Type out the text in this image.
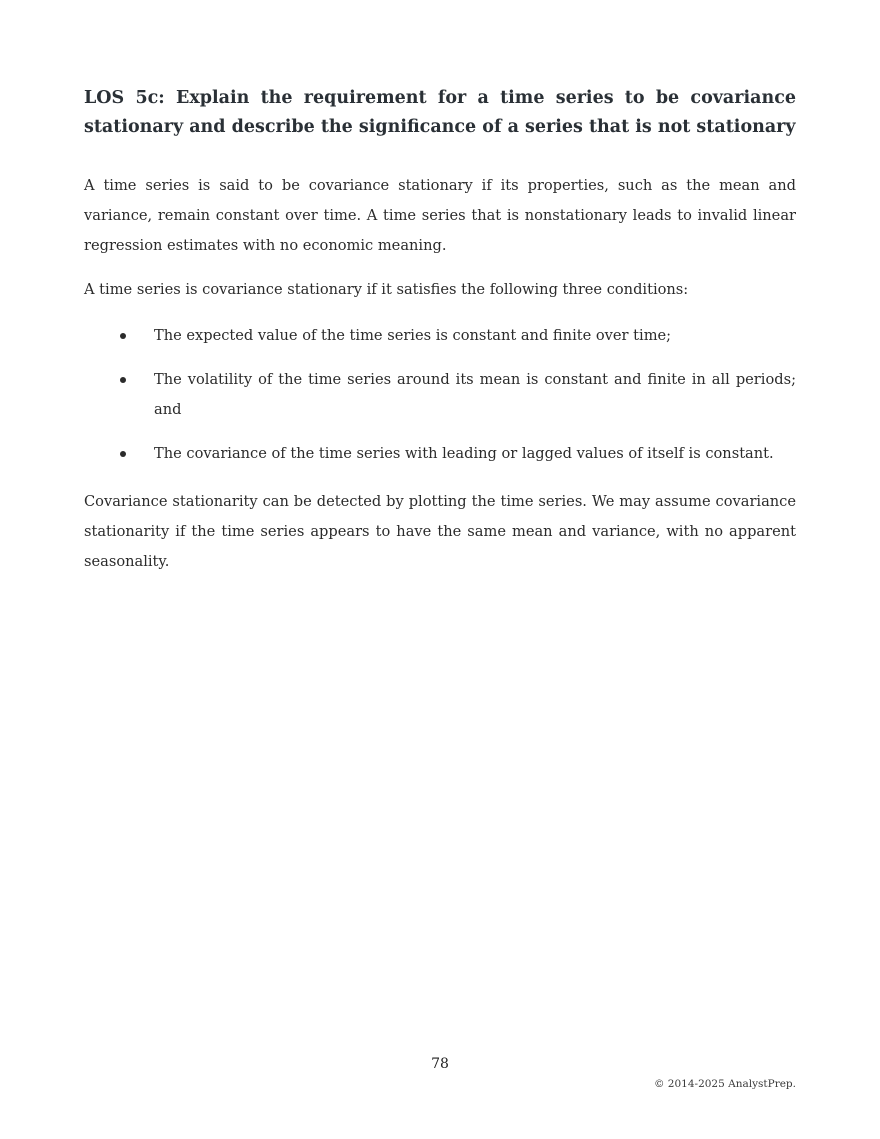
LOS 5c: Explain the requirement for a time series to be covariance stationary and describe the significance of a series that is not stationary

A time series is said to be covariance stationary if its properties, such as the mean and variance, remain constant over time. A time series that is nonstationary leads to invalid linear regression estimates with no economic meaning.

A time series is covariance stationary if it satisfies the following three conditions:

The expected value of the time series is constant and finite over time;
The volatility of the time series around its mean is constant and finite in all periods; and
The covariance of the time series with leading or lagged values of itself is constant.

Covariance stationarity can be detected by plotting the time series. We may assume covariance stationarity if the time series appears to have the same mean and variance, with no apparent seasonality.

78
© 2014-2025 AnalystPrep.
